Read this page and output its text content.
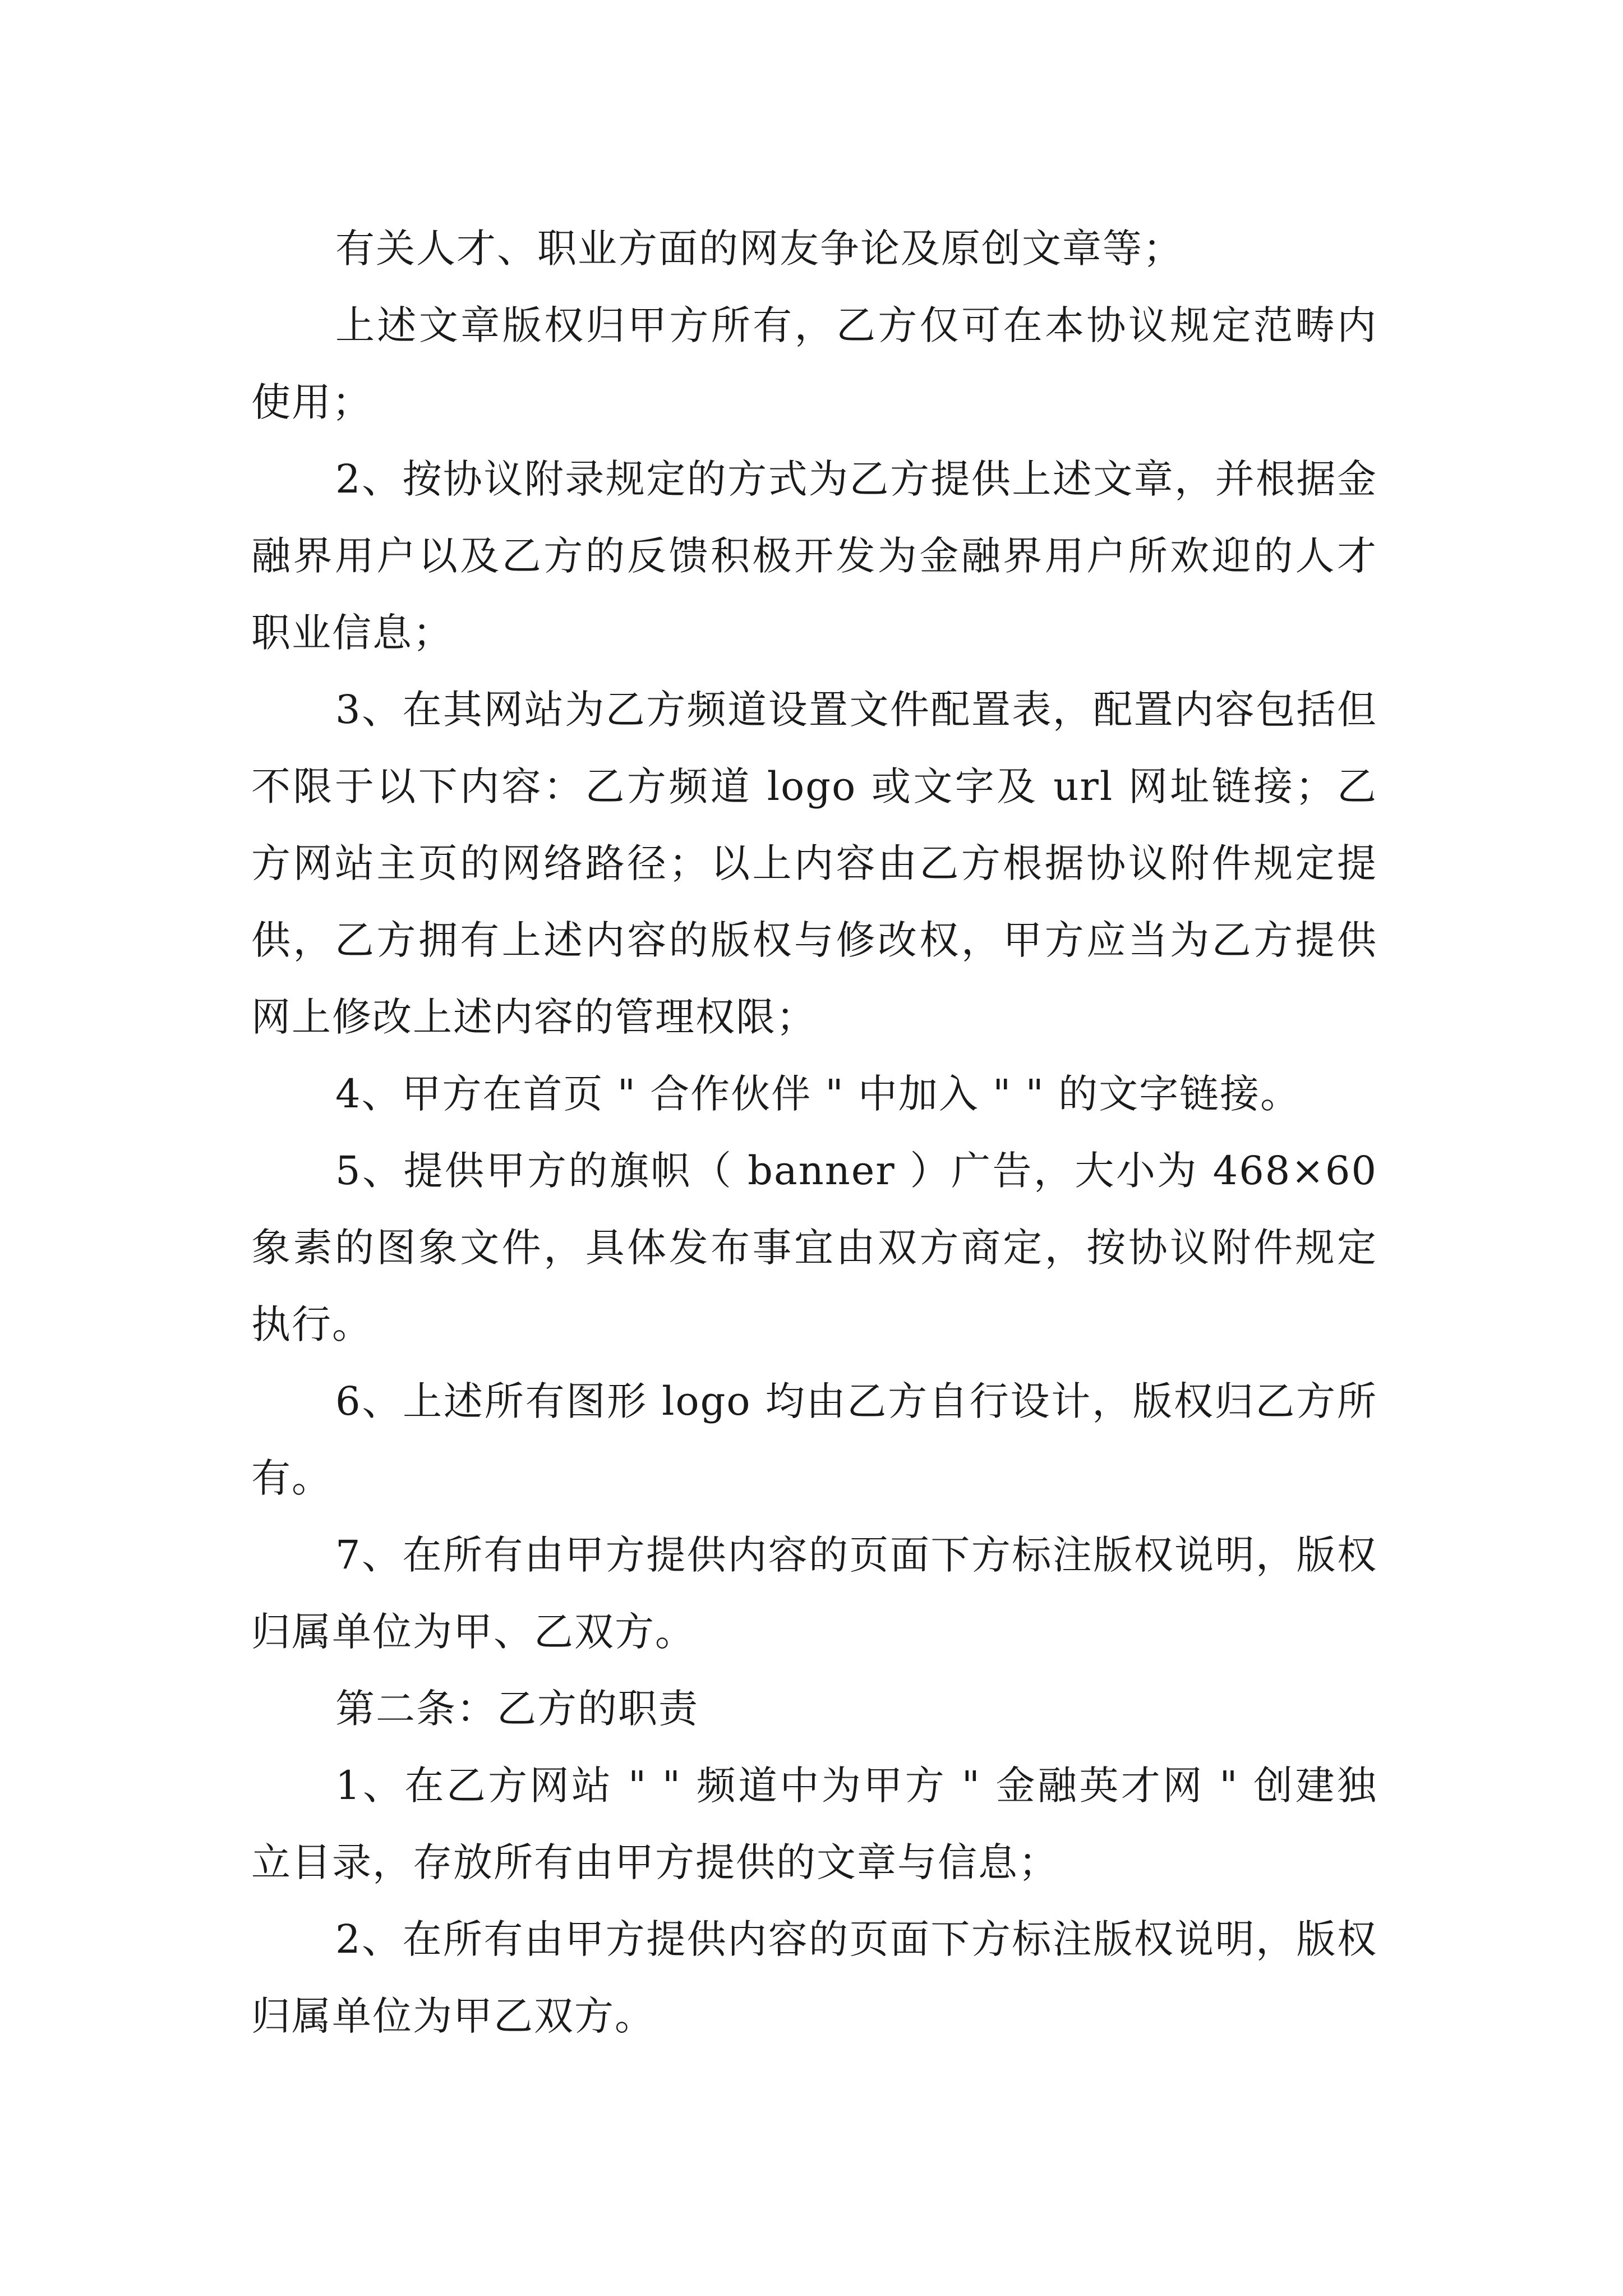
有关人才、职业方面的网友争论及原创文章等；

上述文章版权归甲方所有，乙方仅可在本协议规定范畴内使用；

2、按协议附录规定的方式为乙方提供上述文章，并根据金融界用户以及乙方的反馈积极开发为金融界用户所欢迎的人才职业信息；

3、在其网站为乙方频道设置文件配置表，配置内容包括但不限于以下内容：乙方频道 logo 或文字及 url 网址链接；乙方网站主页的网络路径；以上内容由乙方根据协议附件规定提供，乙方拥有上述内容的版权与修改权，甲方应当为乙方提供网上修改上述内容的管理权限；

4、甲方在首页 " 合作伙伴 " 中加入 " " 的文字链接。

5、提供甲方的旗帜（ banner ）广告，大小为 468×60 象素的图象文件，具体发布事宜由双方商定，按协议附件规定执行。

6、上述所有图形 logo 均由乙方自行设计，版权归乙方所有。

7、在所有由甲方提供内容的页面下方标注版权说明，版权归属单位为甲、乙双方。

第二条：乙方的职责

1、在乙方网站 " " 频道中为甲方 " 金融英才网 " 创建独立目录，存放所有由甲方提供的文章与信息；

2、在所有由甲方提供内容的页面下方标注版权说明，版权归属单位为甲乙双方。
